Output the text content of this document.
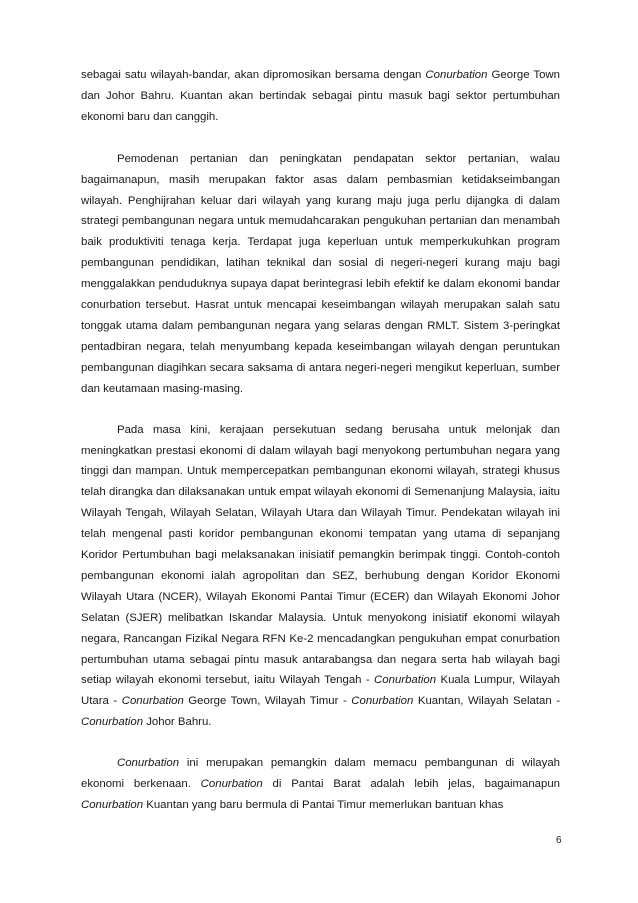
sebagai satu wilayah-bandar, akan dipromosikan bersama dengan Conurbation George Town dan Johor Bahru. Kuantan akan bertindak sebagai pintu masuk bagi sektor pertumbuhan ekonomi baru dan canggih.

Pemodenan pertanian dan peningkatan pendapatan sektor pertanian, walau bagaimanapun, masih merupakan faktor asas dalam pembasmian ketidakseimbangan wilayah. Penghijrahan keluar dari wilayah yang kurang maju juga perlu dijangka di dalam strategi pembangunan negara untuk memudahcarakan pengukuhan pertanian dan menambah baik produktiviti tenaga kerja. Terdapat juga keperluan untuk memperkukuhkan program pembangunan pendidikan, latihan teknikal dan sosial di negeri-negeri kurang maju bagi menggalakkan penduduknya supaya dapat berintegrasi lebih efektif ke dalam ekonomi bandar conurbation tersebut. Hasrat untuk mencapai keseimbangan wilayah merupakan salah satu tonggak utama dalam pembangunan negara yang selaras dengan RMLT. Sistem 3-peringkat pentadbiran negara, telah menyumbang kepada keseimbangan wilayah dengan peruntukan pembangunan diagihkan secara saksama di antara negeri-negeri mengikut keperluan, sumber dan keutamaan masing-masing.

Pada masa kini, kerajaan persekutuan sedang berusaha untuk melonjak dan meningkatkan prestasi ekonomi di dalam wilayah bagi menyokong pertumbuhan negara yang tinggi dan mampan. Untuk mempercepatkan pembangunan ekonomi wilayah, strategi khusus telah dirangka dan dilaksanakan untuk empat wilayah ekonomi di Semenanjung Malaysia, iaitu Wilayah Tengah, Wilayah Selatan, Wilayah Utara dan Wilayah Timur. Pendekatan wilayah ini telah mengenal pasti koridor pembangunan ekonomi tempatan yang utama di sepanjang Koridor Pertumbuhan bagi melaksanakan inisiatif pemangkin berimpak tinggi. Contoh-contoh pembangunan ekonomi ialah agropolitan dan SEZ, berhubung dengan Koridor Ekonomi Wilayah Utara (NCER), Wilayah Ekonomi Pantai Timur (ECER) dan Wilayah Ekonomi Johor Selatan (SJER) melibatkan Iskandar Malaysia. Untuk menyokong inisiatif ekonomi wilayah negara, Rancangan Fizikal Negara RFN Ke-2 mencadangkan pengukuhan empat conurbation pertumbuhan utama sebagai pintu masuk antarabangsa dan negara serta hab wilayah bagi setiap wilayah ekonomi tersebut, iaitu Wilayah Tengah - Conurbation Kuala Lumpur, Wilayah Utara - Conurbation George Town, Wilayah Timur - Conurbation Kuantan, Wilayah Selatan - Conurbation Johor Bahru.

Conurbation ini merupakan pemangkin dalam memacu pembangunan di wilayah ekonomi berkenaan. Conurbation di Pantai Barat adalah lebih jelas, bagaimanapun Conurbation Kuantan yang baru bermula di Pantai Timur memerlukan bantuan khas

6
